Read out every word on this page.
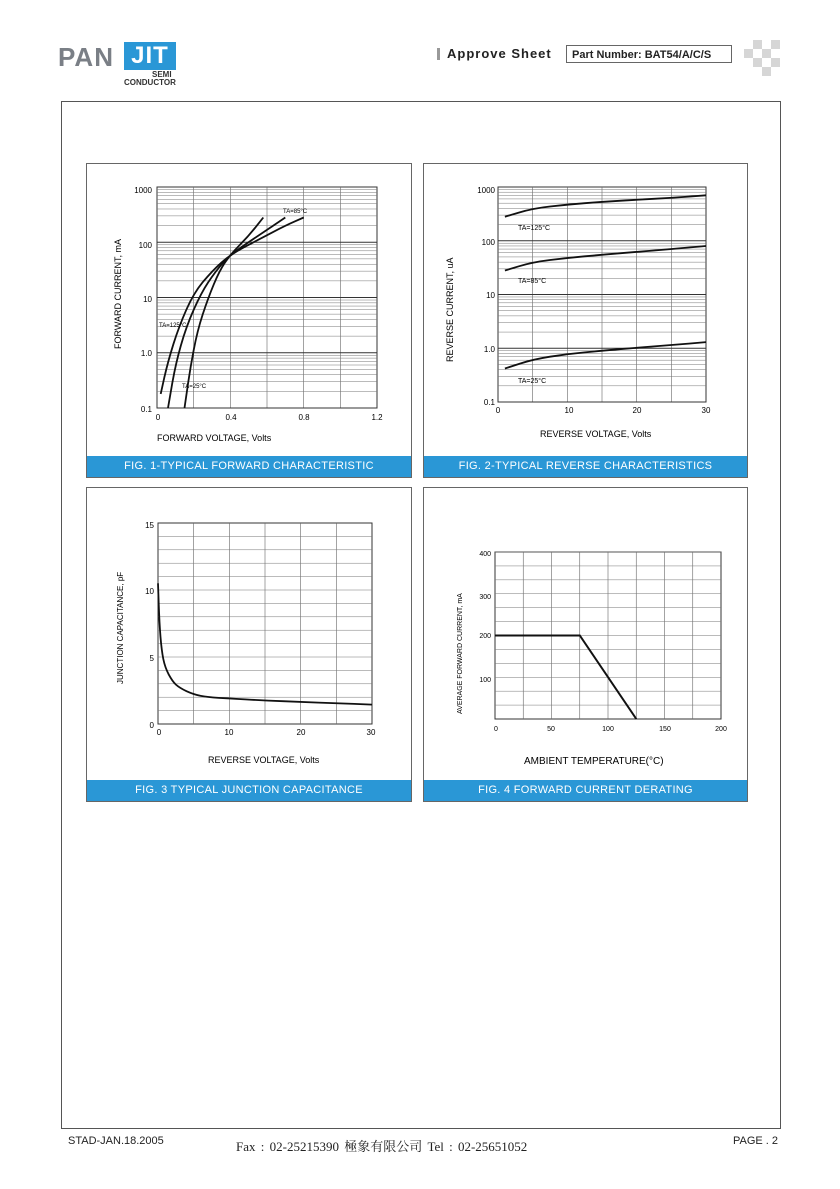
PAN JIT
SEMI
CONDUCTOR
Approve Sheet	Part Number: BAT54/A/C/S
FORWARD VOLTAGE, Volts
FORWARD CURRENT, mA
0	0.4	0.8	1.2
0.1
1.0
10
100
1000
TA=85°C
TA=125°C
TA=25°C
FIG. 1-TYPICAL FORWARD CHARACTERISTIC
REVERSE VOLTAGE, Volts
REVERSE CURRENT, uA
0	10	20	30
0.1
1.0
10
100
1000
TA=125°C
TA=85°C
TA=25°C
FIG. 2-TYPICAL REVERSE CHARACTERISTICS
REVERSE VOLTAGE, Volts
JUNCTION CAPACITANCE, pF
0	10	20	30
0
5
10
15
FIG. 3 TYPICAL JUNCTION CAPACITANCE
AMBIENT TEMPERATURE(°C)
AVERAGE FORWARD CURRENT, mA
0	50	100	150	200
100
200
300
400
FIG. 4 FORWARD CURRENT DERATING
STAD-JAN.18.2005	Fax : 02-25215390 極象有限公司 Tel : 02-25651052	PAGE . 2
